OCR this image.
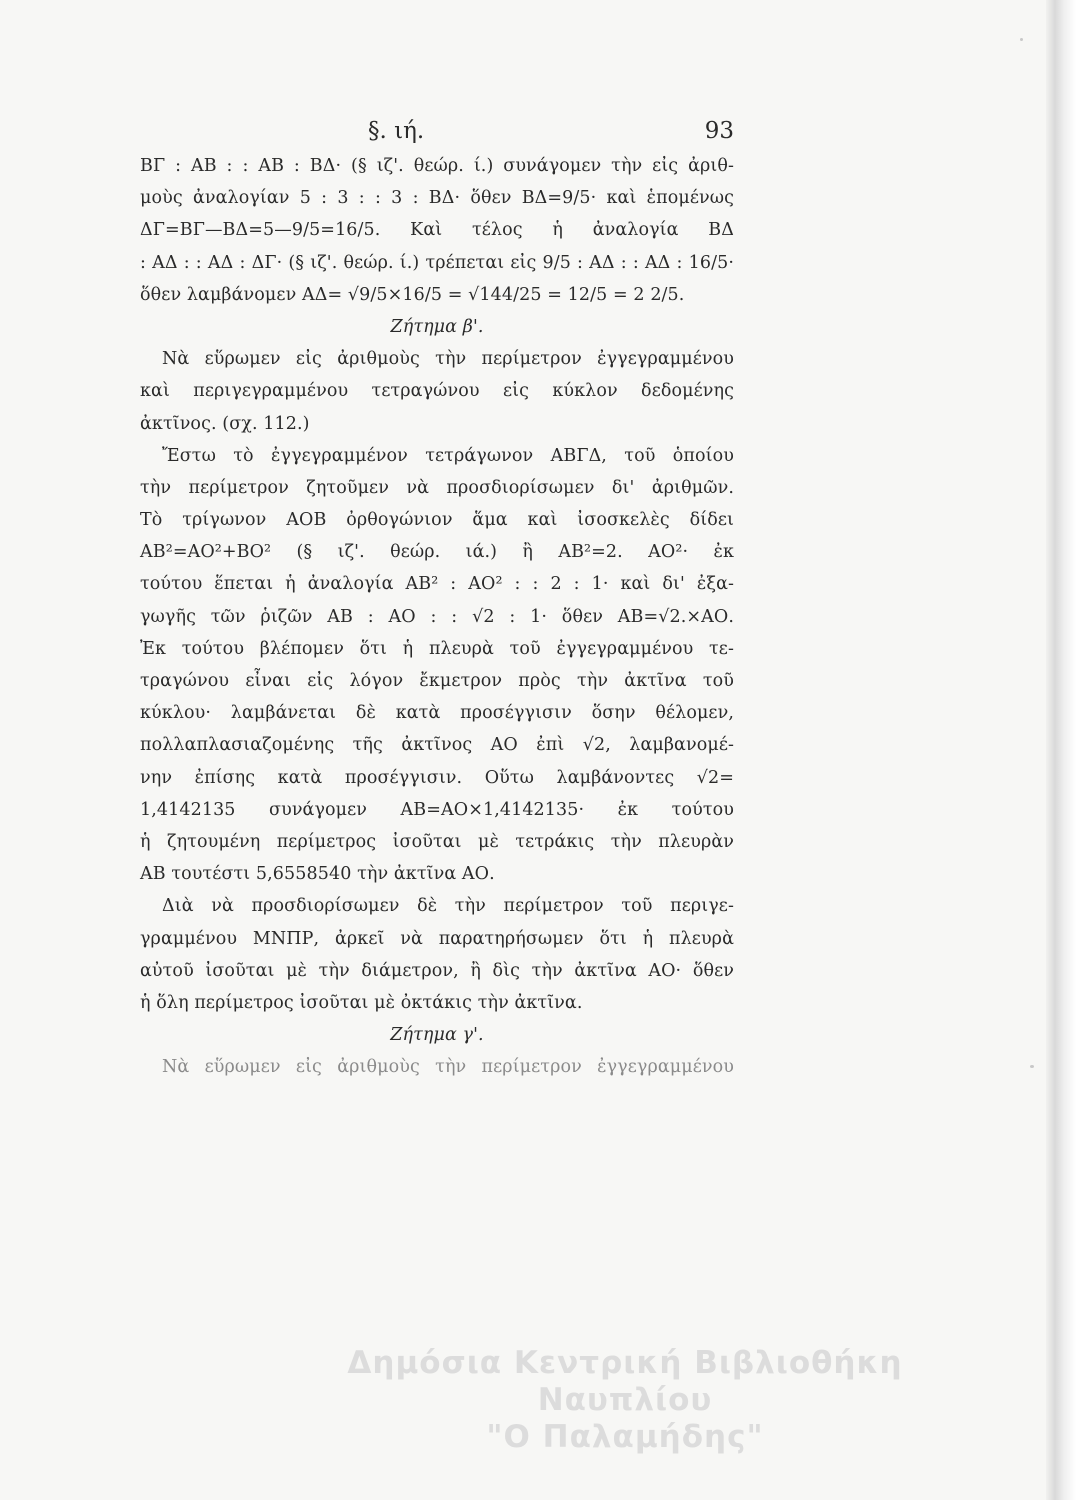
§. ιή.	93
ΒΓ : ΑΒ : : ΑΒ : ΒΔ· (§ ιζ'. θεώρ. ί.) συνάγομεν τὴν εἰς ἀριθ-
μοὺς ἀναλογίαν 5 : 3 : : 3 : ΒΔ· ὅθεν ΒΔ=9/5· καὶ ἑπομένως
ΔΓ=ΒΓ—ΒΔ=5—9/5=16/5. Καὶ τέλος ἡ ἀναλογία ΒΔ
: ΑΔ : : ΑΔ : ΔΓ· (§ ιζ'. θεώρ. ί.) τρέπεται εἰς 9/5 : ΑΔ : : ΑΔ : 16/5·
ὅθεν λαμβάνομεν ΑΔ= √9/5×16/5 = √144/25 = 12/5 = 2 2/5.
Ζήτημα β'.
Νὰ εὕρωμεν εἰς ἀριθμοὺς τὴν περίμετρον ἐγγεγραμμένου
καὶ περιγεγραμμένου τετραγώνου εἰς κύκλον δεδομένης
ἀκτῖνος. (σχ. 112.)
Ἔστω τὸ ἐγγεγραμμένον τετράγωνον ΑΒΓΔ, τοῦ ὁποίου
τὴν περίμετρον ζητοῦμεν νὰ προσδιορίσωμεν δι' ἀριθμῶν.
Τὸ τρίγωνον ΑΟΒ ὀρθογώνιον ἅμα καὶ ἰσοσκελὲς δίδει
ΑΒ²=ΑΟ²+ΒΟ² (§ ιζ'. θεώρ. ιά.) ἢ ΑΒ²=2. ΑΟ²· ἐκ
τούτου ἕπεται ἡ ἀναλογία ΑΒ² : ΑΟ² : : 2 : 1· καὶ δι' ἐξα-
γωγῆς τῶν ῥιζῶν ΑΒ : ΑΟ : : √2 : 1· ὅθεν ΑΒ=√2.×ΑΟ.
Ἐκ τούτου βλέπομεν ὅτι ἡ πλευρὰ τοῦ ἐγγεγραμμένου τε-
τραγώνου εἶναι εἰς λόγον ἔκμετρον πρὸς τὴν ἀκτῖνα τοῦ
κύκλου· λαμβάνεται δὲ κατὰ προσέγγισιν ὅσην θέλομεν,
πολλαπλασιαζομένης τῆς ἀκτῖνος ΑΟ ἐπὶ √2, λαμβανομέ-
νην ἐπίσης κατὰ προσέγγισιν. Οὕτω λαμβάνοντες √2=
1,4142135 συνάγομεν ΑΒ=ΑΟ×1,4142135· ἐκ τούτου
ἡ ζητουμένη περίμετρος ἰσοῦται μὲ τετράκις τὴν πλευρὰν
ΑΒ τουτέστι 5,6558540 τὴν ἀκτῖνα ΑΟ.
Διὰ νὰ προσδιορίσωμεν δὲ τὴν περίμετρον τοῦ περιγε-
γραμμένου ΜΝΠΡ, ἀρκεῖ νὰ παρατηρήσωμεν ὅτι ἡ πλευρὰ
αὐτοῦ ἰσοῦται μὲ τὴν διάμετρον, ἢ δὶς τὴν ἀκτῖνα ΑΟ· ὅθεν
ἡ ὅλη περίμετρος ἰσοῦται μὲ ὀκτάκις τὴν ἀκτῖνα.
Ζήτημα γ'.
Νὰ εὕρωμεν εἰς ἀριθμοὺς τὴν περίμετρον ἐγγεγραμμένου
Δημόσια Κεντρική Βιβλιοθήκη Ναυπλίου
"Ο Παλαμήδης"
